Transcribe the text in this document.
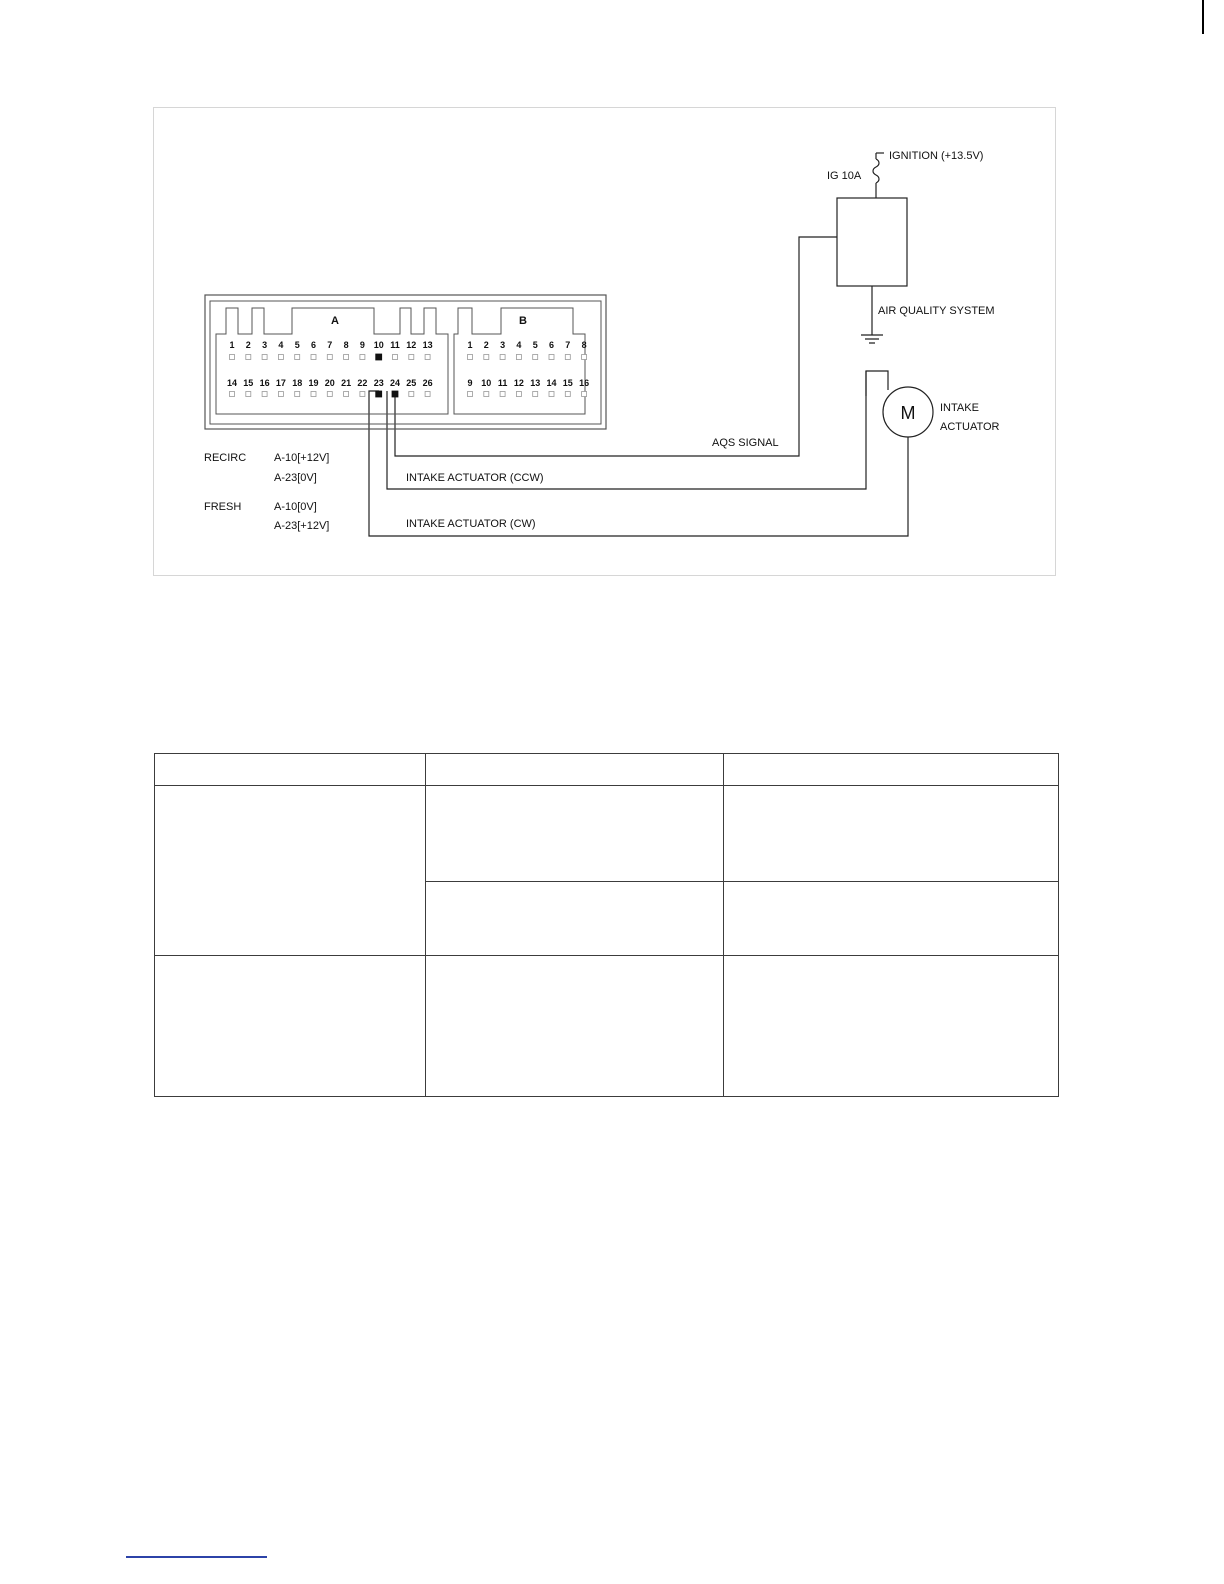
IGNITION (+13.5V)
IG 10A
AIR QUALITY SYSTEM
AQS SIGNAL
M INTAKE
ACTUATOR
INTAKE ACTUATOR (CCW)
INTAKE ACTUATOR (CW)
A	B
1 2 3 4 5 6 7 8 9 10 11 12 13
14 15 16 17 18 19 20 21 22 23 24 25 26
1 2 3 4 5 6 7 8
9 10 11 12 13 14 15 16
RECIRC	A-10[+12V]
A-23[0V]
FRESH	A-10[0V]
A-23[+12V]
